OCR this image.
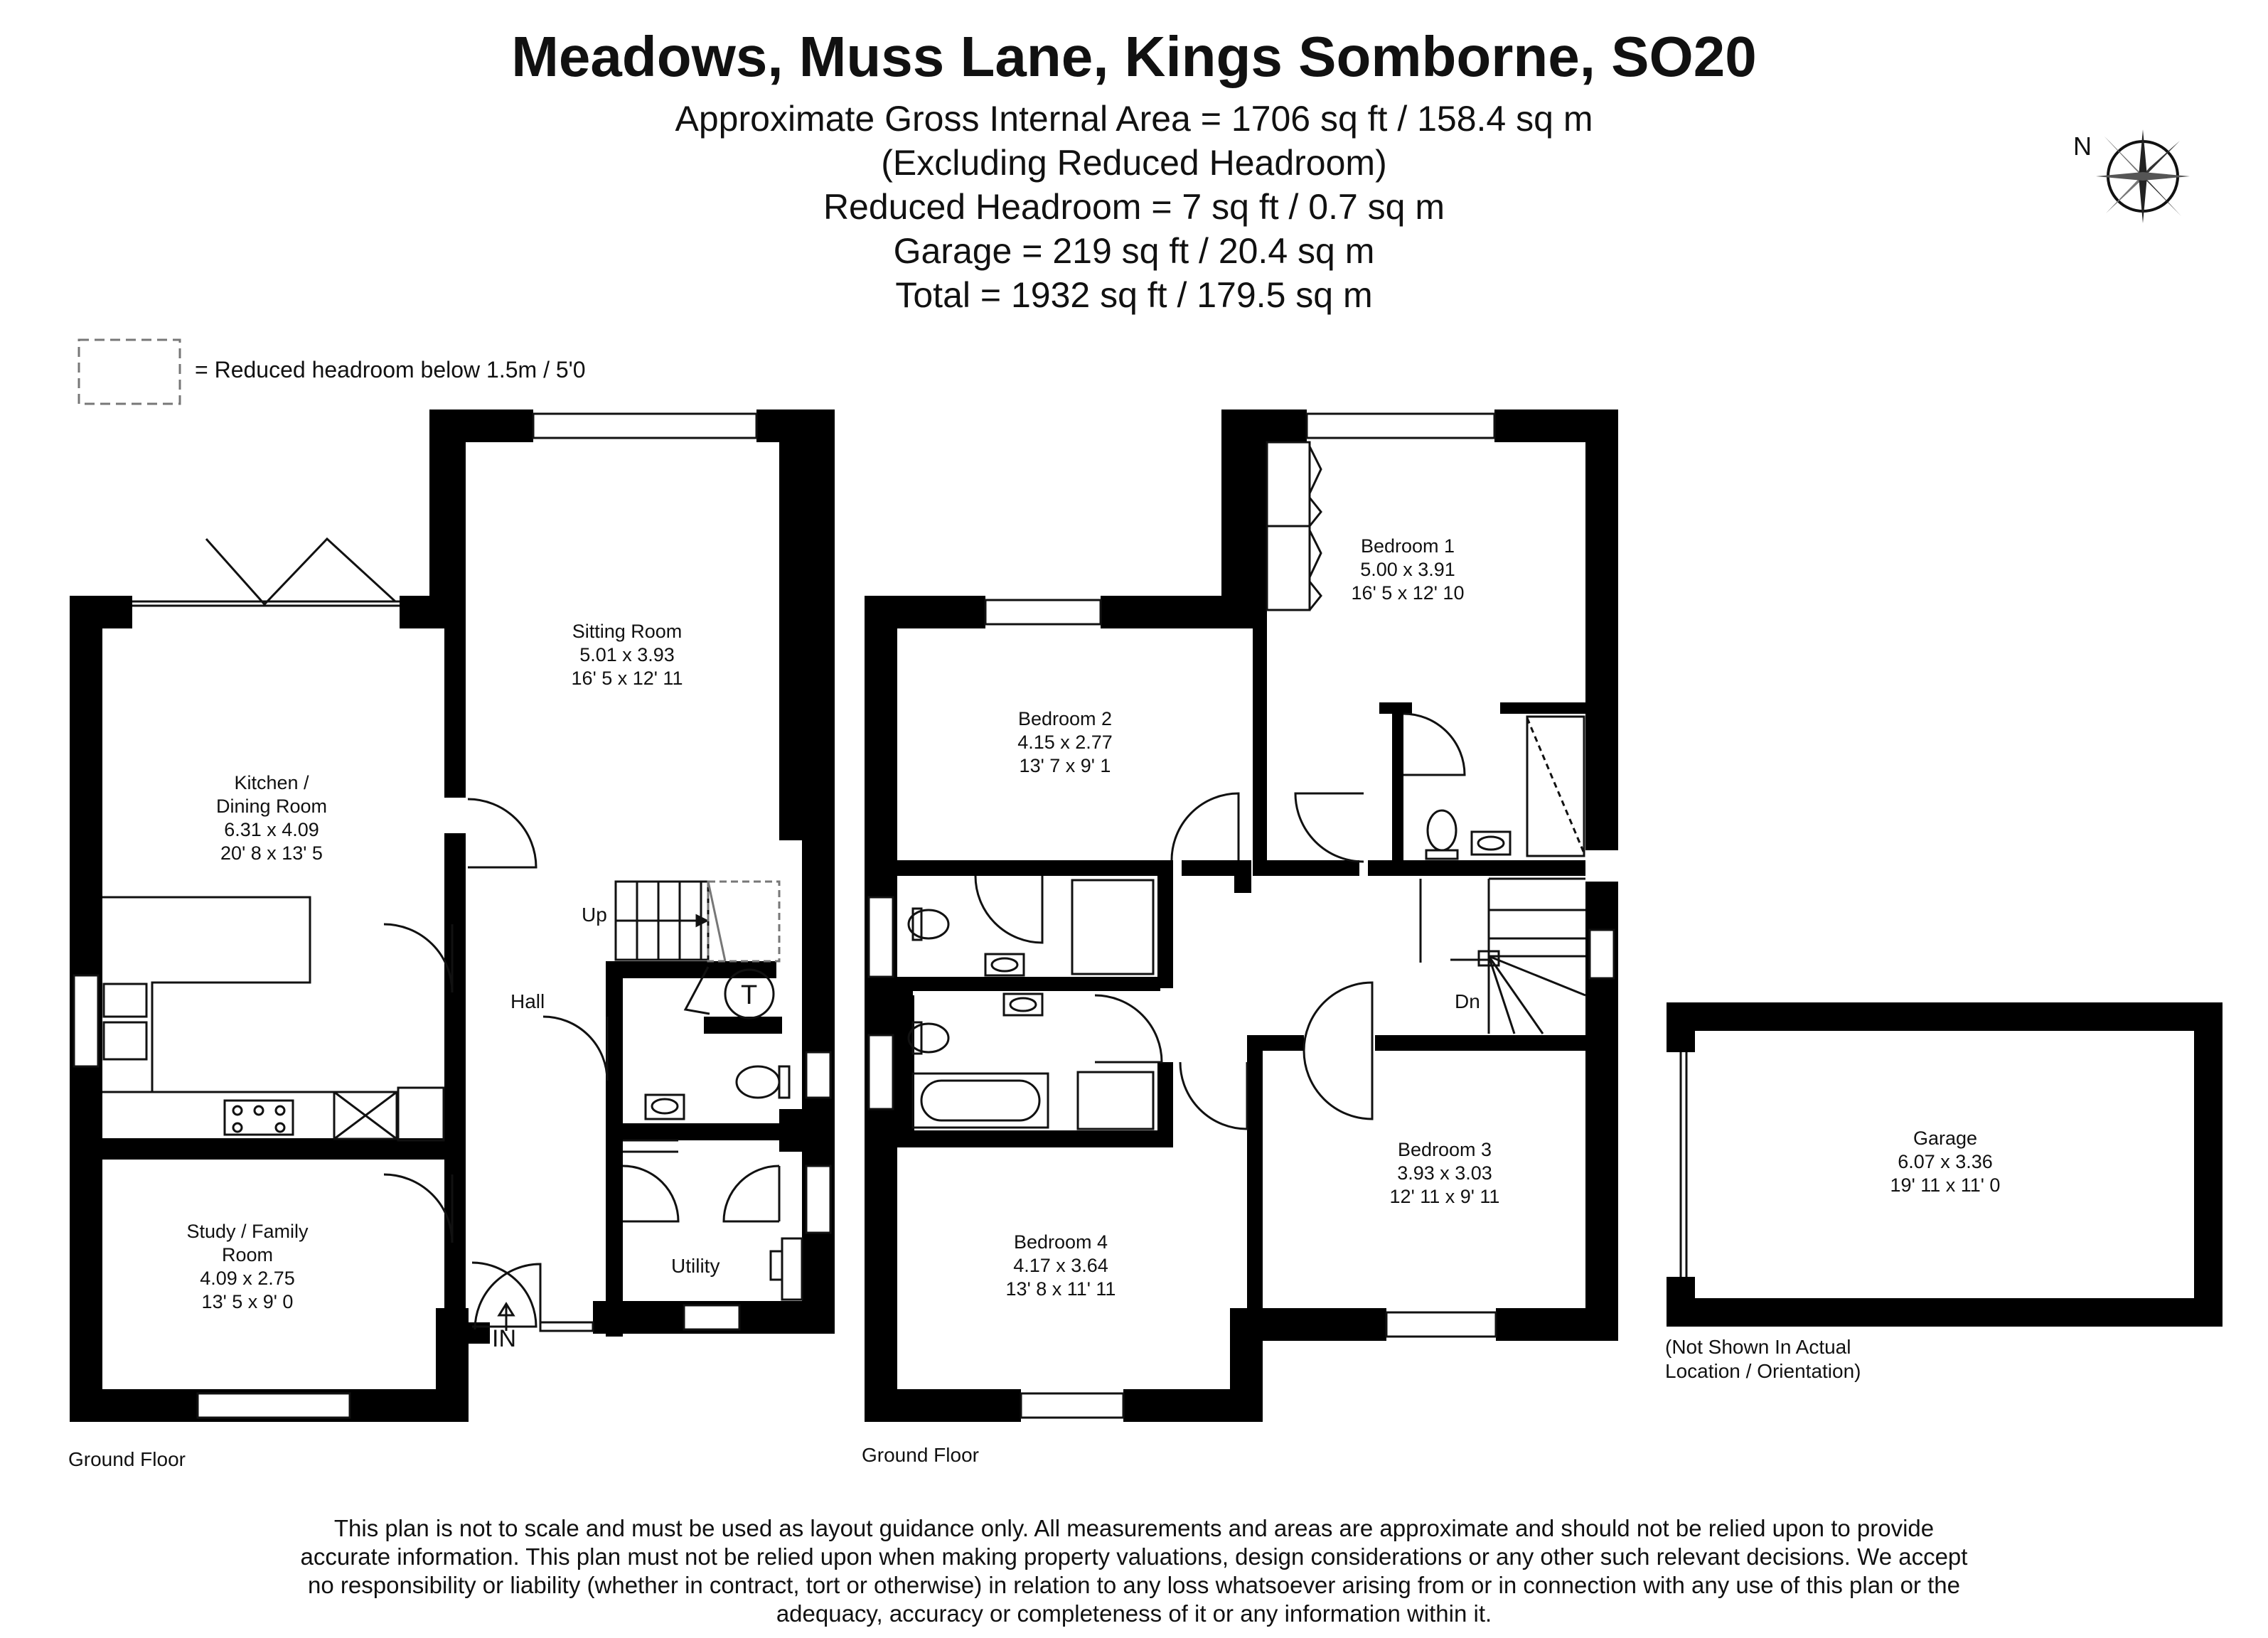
Meadows, Muss Lane, Kings Somborne, SO20
Approximate Gross Internal Area = 1706 sq ft / 158.4 sq m
(Excluding Reduced Headroom)
Reduced Headroom = 7 sq ft / 0.7 sq m
Garage = 219 sq ft / 20.4 sq m
Total = 1932 sq ft / 179.5 sq m
N
= Reduced headroom below 1.5m / 5'0
T
IN
Sitting Room
5.01 x 3.93
16' 5 x 12' 11
Kitchen /
Dining Room
6.31 x 4.09
20' 8 x 13' 5
Study / Family
Room
4.09 x 2.75
13' 5 x 9' 0
Hall
Up
Utility
Ground Floor
Dn
Bedroom 1
5.00 x 3.91
16' 5 x 12' 10
Bedroom 2
4.15 x 2.77
13' 7 x 9' 1
Bedroom 3
3.93 x 3.03
12' 11 x 9' 11
Bedroom 4
4.17 x 3.64
13' 8 x 11' 11
Ground Floor
Garage
6.07 x 3.36
19' 11 x 11' 0
(Not Shown In Actual
Location / Orientation)
This plan is not to scale and must be used as layout guidance only. All measurements and areas are approximate and should not be relied upon to provide accurate information. This plan must not be relied upon when making property valuations, design considerations or any other such relevant decisions. We accept no responsibility or liability (whether in contract, tort or otherwise) in relation to any loss whatsoever arising from or in connection with any use of this plan or the adequacy, accuracy or completeness of it or any information within it.
